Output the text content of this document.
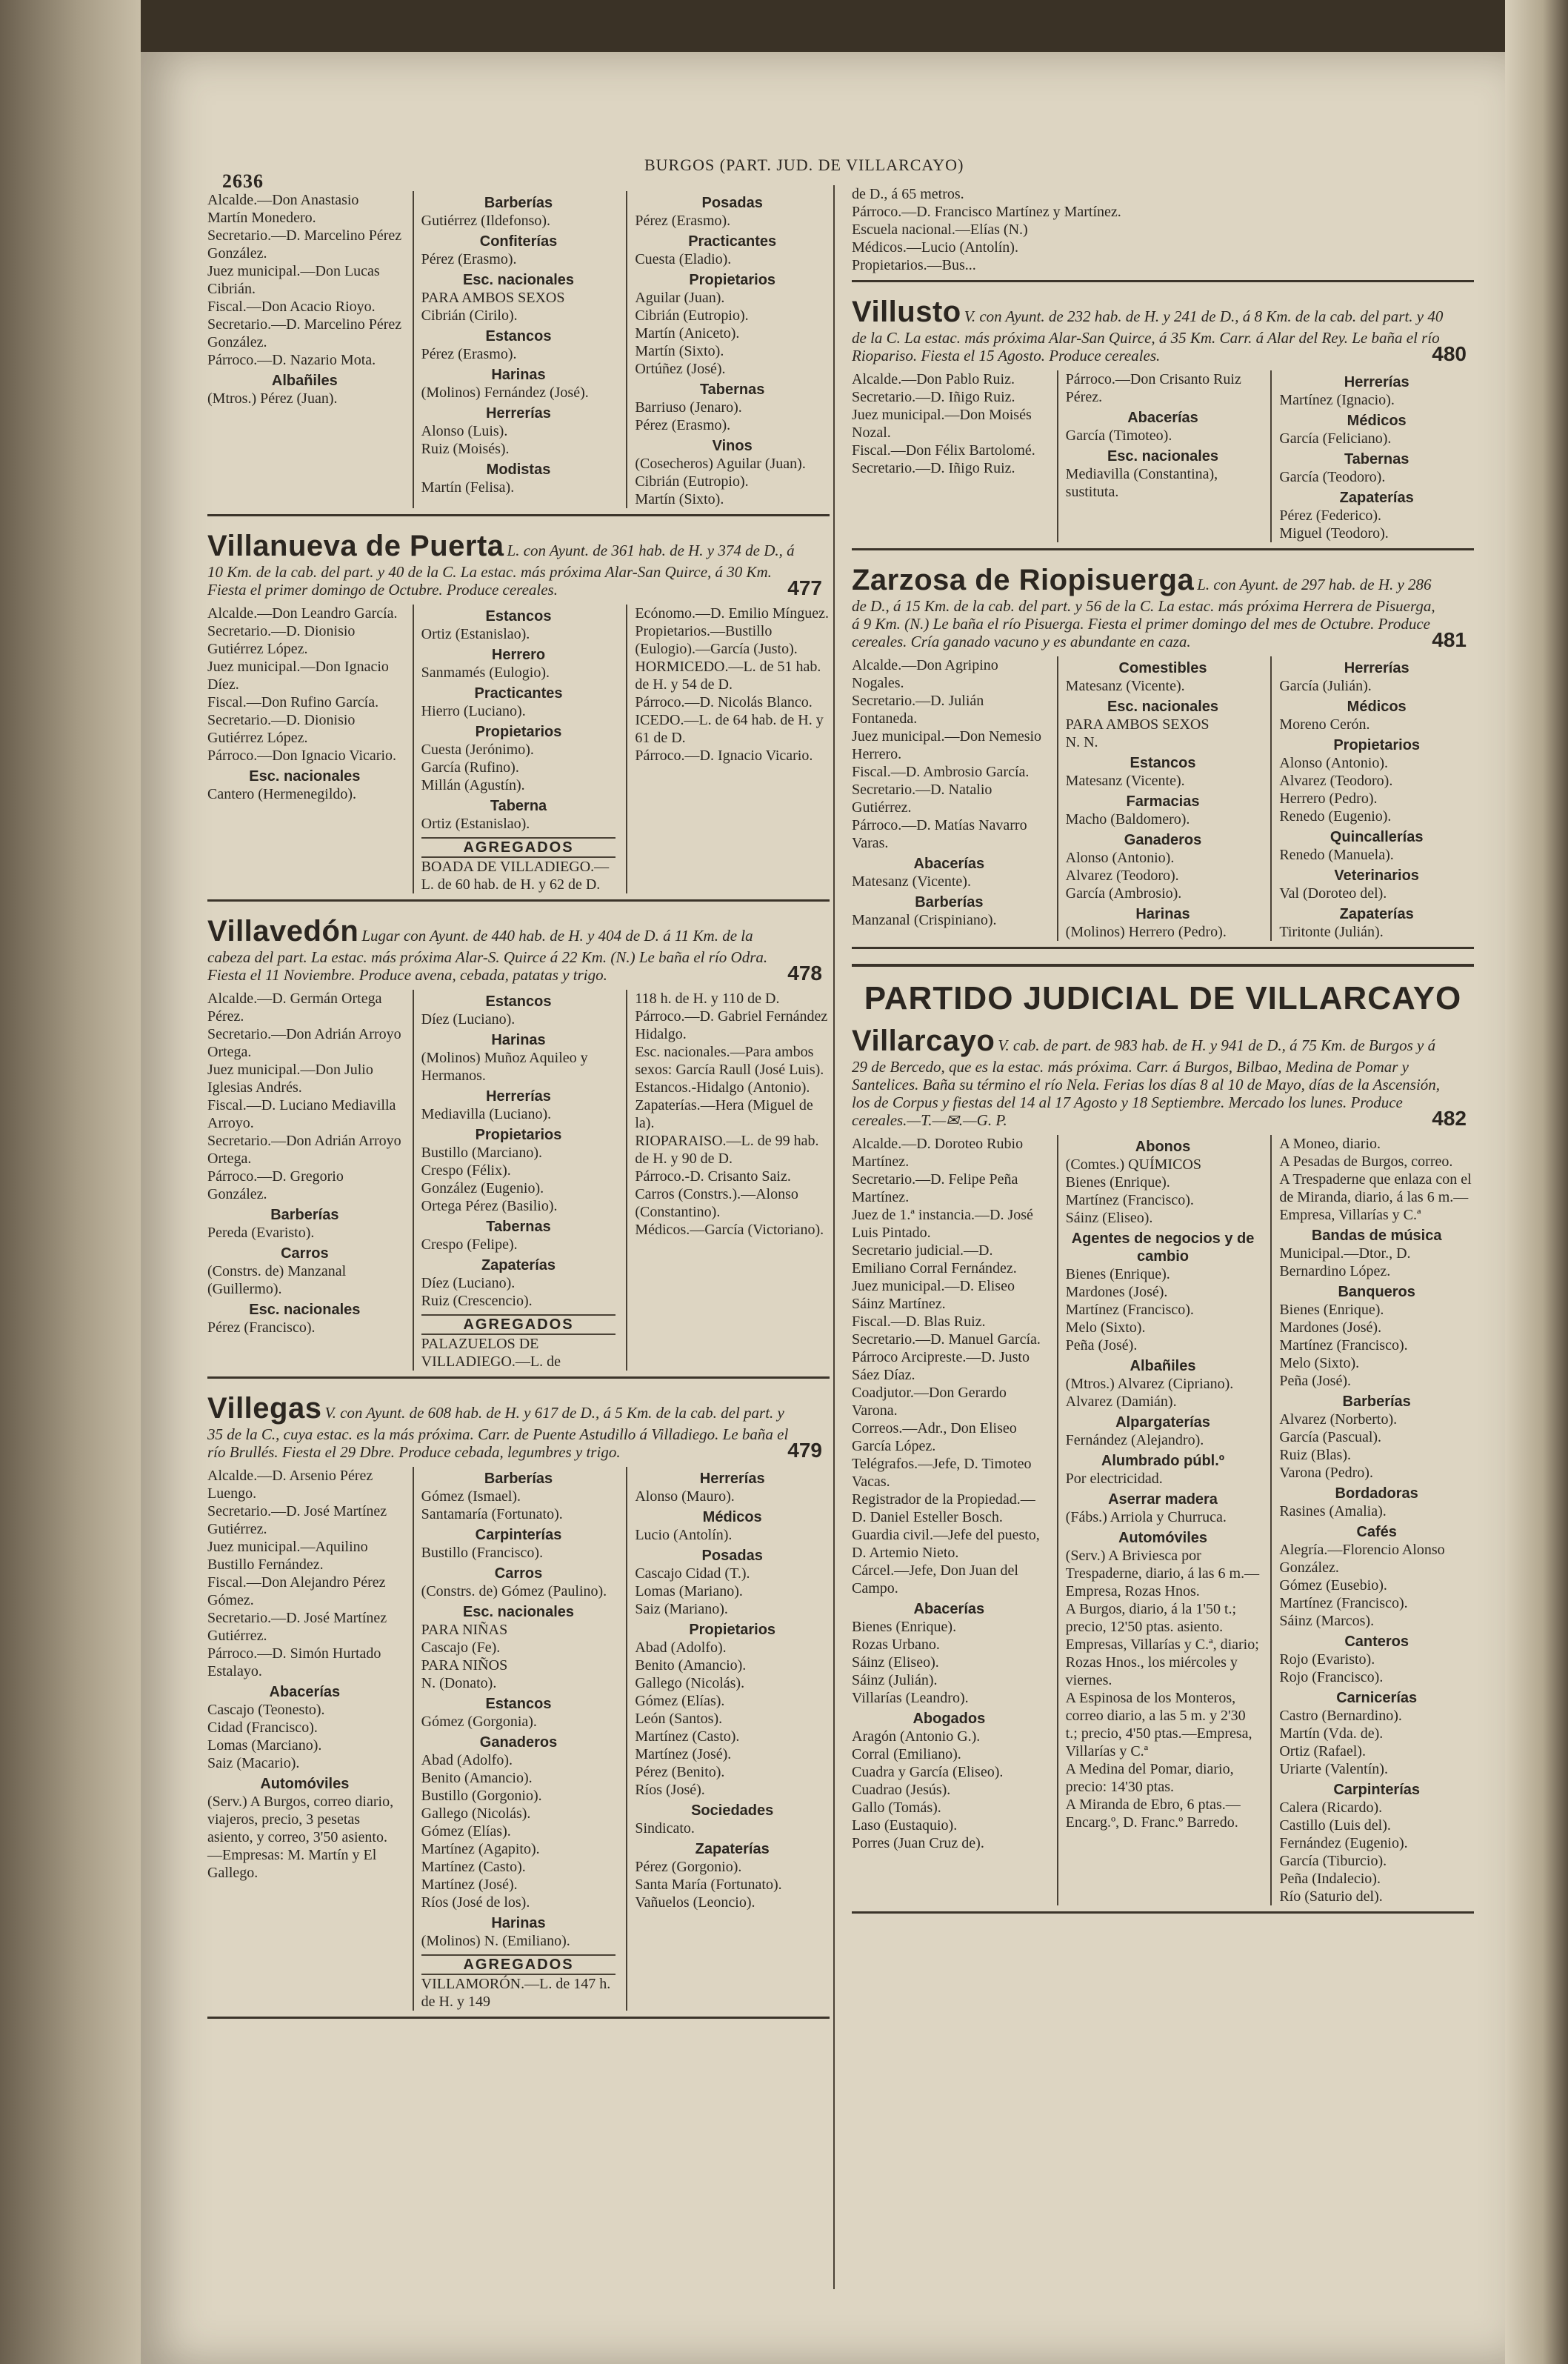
2636
BURGOS (PART. JUD. DE VILLARCAYO)

Alcalde.—Don Anastasio Martín Monedero.

Secretario.—D. Marcelino Pérez González.

Juez municipal.—Don Lucas Cibrián.

Fiscal.—Don Acacio Rioyo.

Secretario.—D. Marcelino Pérez González.

Párroco.—D. Nazario Mota.

Albañiles

(Mtros.) Pérez (Juan).

Barberías

Gutiérrez (Ildefonso).

Confiterías

Pérez (Erasmo).

Esc. nacionales

PARA AMBOS SEXOS

Cibrián (Cirilo).

Estancos

Pérez (Erasmo).

Harinas

(Molinos) Fernández (José).

Herrerías

Alonso (Luis).

Ruiz (Moisés).

Modistas

Martín (Felisa).

Posadas

Pérez (Erasmo).

Practicantes

Cuesta (Eladio).

Propietarios

Aguilar (Juan).

Cibrián (Eutropio).

Martín (Aniceto).

Martín (Sixto).

Ortúñez (José).

Tabernas

Barriuso (Jenaro).

Pérez (Erasmo).

Vinos

(Cosecheros) Aguilar (Juan).

Cibrián (Eutropio).

Martín (Sixto).

Villanueva de Puerta L. con Ayunt. de 361 hab. de H. y 374 de D., á 10 Km. de la cab. del part. y 40 de la C. La estac. más próxima Alar-San Quirce, á 30 Km. Fiesta el primer domingo de Octubre. Produce cereales.	477

Alcalde.—Don Leandro García.

Secretario.—D. Dionisio Gutiérrez López.

Juez municipal.—Don Ignacio Díez.

Fiscal.—Don Rufino García.

Secretario.—D. Dionisio Gutiérrez López.

Párroco.—Don Ignacio Vicario.

Esc. nacionales

Cantero (Hermenegildo).

Estancos

Ortiz (Estanislao).

Herrero

Sanmamés (Eulogio).

Practicantes

Hierro (Luciano).

Propietarios

Cuesta (Jerónimo).

García (Rufino).

Millán (Agustín).

Taberna

Ortiz (Estanislao).

AGREGADOS

BOADA DE VILLADIEGO.—L. de 60 hab. de H. y 62 de D.

Ecónomo.—D. Emilio Mínguez.

Propietarios.—Bustillo (Eulogio).—García (Justo).

HORMICEDO.—L. de 51 hab. de H. y 54 de D.

Párroco.—D. Nicolás Blanco.

ICEDO.—L. de 64 hab. de H. y 61 de D.

Párroco.—D. Ignacio Vicario.

Villavedón Lugar con Ayunt. de 440 hab. de H. y 404 de D. á 11 Km. de la cabeza del part. La estac. más próxima Alar-S. Quirce á 22 Km. (N.) Le baña el río Odra. Fiesta el 11 Noviembre. Produce avena, cebada, patatas y trigo.	478

Alcalde.—D. Germán Ortega Pérez.

Secretario.—Don Adrián Arroyo Ortega.

Juez municipal.—Don Julio Iglesias Andrés.

Fiscal.—D. Luciano Mediavilla Arroyo.

Secretario.—Don Adrián Arroyo Ortega.

Párroco.—D. Gregorio González.

Barberías

Pereda (Evaristo).

Carros

(Constrs. de) Manzanal (Guillermo).

Esc. nacionales

Pérez (Francisco).

Estancos

Díez (Luciano).

Harinas

(Molinos) Muñoz Aquileo y Hermanos.

Herrerías

Mediavilla (Luciano).

Propietarios

Bustillo (Marciano).

Crespo (Félix).

González (Eugenio).

Ortega Pérez (Basilio).

Tabernas

Crespo (Felipe).

Zapaterías

Díez (Luciano).

Ruiz (Crescencio).

AGREGADOS

PALAZUELOS DE VILLADIEGO.—L. de

118 h. de H. y 110 de D.

Párroco.—D. Gabriel Fernández Hidalgo.

Esc. nacionales.—Para ambos sexos: García Raull (José Luis).

Estancos.-Hidalgo (Antonio).

Zapaterías.—Hera (Miguel de la).

RIOPARAISO.—L. de 99 hab. de H. y 90 de D.

Párroco.-D. Crisanto Saiz.

Carros (Constrs.).—Alonso (Constantino).

Médicos.—García (Victoriano).

Villegas V. con Ayunt. de 608 hab. de H. y 617 de D., á 5 Km. de la cab. del part. y 35 de la C., cuya estac. es la más próxima. Carr. de Puente Astudillo á Villadiego. Le baña el río Brullés. Fiesta el 29 Dbre. Produce cebada, legumbres y trigo.	479

Alcalde.—D. Arsenio Pérez Luengo.

Secretario.—D. José Martínez Gutiérrez.

Juez municipal.—Aquilino Bustillo Fernández.

Fiscal.—Don Alejandro Pérez Gómez.

Secretario.—D. José Martínez Gutiérrez.

Párroco.—D. Simón Hurtado Estalayo.

Abacerías

Cascajo (Teonesto).

Cidad (Francisco).

Lomas (Marciano).

Saiz (Macario).

Automóviles

(Serv.) A Burgos, correo diario, viajeros, precio, 3 pesetas asiento, y correo, 3'50 asiento.—Empresas: M. Martín y El Gallego.

Barberías

Gómez (Ismael).

Santamaría (Fortunato).

Carpinterías

Bustillo (Francisco).

Carros

(Constrs. de) Gómez (Paulino).

Esc. nacionales

PARA NIÑAS

Cascajo (Fe).

PARA NIÑOS

N. (Donato).

Estancos

Gómez (Gorgonia).

Ganaderos

Abad (Adolfo).

Benito (Amancio).

Bustillo (Gorgonio).

Gallego (Nicolás).

Gómez (Elías).

Martínez (Agapito).

Martínez (Casto).

Martínez (José).

Ríos (José de los).

Harinas

(Molinos) N. (Emiliano).

AGREGADOS

VILLAMORÓN.—L. de 147 h. de H. y 149

Herrerías

Alonso (Mauro).

Médicos

Lucio (Antolín).

Posadas

Cascajo Cidad (T.).

Lomas (Mariano).

Saiz (Mariano).

Propietarios

Abad (Adolfo).

Benito (Amancio).

Gallego (Nicolás).

Gómez (Elías).

León (Santos).

Martínez (Casto).

Martínez (José).

Pérez (Benito).

Ríos (José).

Sociedades

Sindicato.

Zapaterías

Pérez (Gorgonio).

Santa María (Fortunato).

Vañuelos (Leoncio).

de D., á 65 metros.

Párroco.—D. Francisco Martínez y Martínez.

Escuela nacional.—Elías (N.)

Médicos.—Lucio (Antolín).

Propietarios.—Bus...

Villusto V. con Ayunt. de 232 hab. de H. y 241 de D., á 8 Km. de la cab. del part. y 40 de la C. La estac. más próxima Alar-San Quirce, á 35 Km. Carr. á Alar del Rey. Le baña el río Riopariso. Fiesta el 15 Agosto. Produce cereales.	480

Alcalde.—Don Pablo Ruiz.

Secretario.—D. Iñigo Ruiz.

Juez municipal.—Don Moisés Nozal.

Fiscal.—Don Félix Bartolomé.

Secretario.—D. Iñigo Ruiz.

Párroco.—Don Crisanto Ruiz Pérez.

Abacerías

García (Timoteo).

Esc. nacionales

Mediavilla (Constantina), sustituta.

Herrerías

Martínez (Ignacio).

Médicos

García (Feliciano).

Tabernas

García (Teodoro).

Zapaterías

Pérez (Federico).

Miguel (Teodoro).

Zarzosa de Riopisuerga L. con Ayunt. de 297 hab. de H. y 286 de D., á 15 Km. de la cab. del part. y 56 de la C. La estac. más próxima Herrera de Pisuerga, á 9 Km. (N.) Le baña el río Pisuerga. Fiesta el primer domingo del mes de Octubre. Produce cereales. Cría ganado vacuno y es abundante en caza.	481

Alcalde.—Don Agripino Nogales.

Secretario.—D. Julián Fontaneda.

Juez municipal.—Don Nemesio Herrero.

Fiscal.—D. Ambrosio García.

Secretario.—D. Natalio Gutiérrez.

Párroco.—D. Matías Navarro Varas.

Abacerías

Matesanz (Vicente).

Barberías

Manzanal (Crispiniano).

Comestibles

Matesanz (Vicente).

Esc. nacionales

PARA AMBOS SEXOS

N. N.

Estancos

Matesanz (Vicente).

Farmacias

Macho (Baldomero).

Ganaderos

Alonso (Antonio).

Alvarez (Teodoro).

García (Ambrosio).

Harinas

(Molinos) Herrero (Pedro).

Herrerías

García (Julián).

Médicos

Moreno Cerón.

Propietarios

Alonso (Antonio).

Alvarez (Teodoro).

Herrero (Pedro).

Renedo (Eugenio).

Quincallerías

Renedo (Manuela).

Veterinarios

Val (Doroteo del).

Zapaterías

Tiritonte (Julián).

PARTIDO JUDICIAL DE VILLARCAYO
Villarcayo V. cab. de part. de 983 hab. de H. y 941 de D., á 75 Km. de Burgos y á 29 de Bercedo, que es la estac. más próxima. Carr. á Burgos, Bilbao, Medina de Pomar y Santelices. Baña su término el río Nela. Ferias los días 8 al 10 de Mayo, días de la Ascensión, los de Corpus y fiestas del 14 al 17 Agosto y 18 Septiembre. Mercado los lunes. Produce cereales.—T.—✉.—G. P.	482

Alcalde.—D. Doroteo Rubio Martínez.

Secretario.—D. Felipe Peña Martínez.

Juez de 1.ª instancia.—D. José Luis Pintado.

Secretario judicial.—D. Emiliano Corral Fernández.

Juez municipal.—D. Eliseo Sáinz Martínez.

Fiscal.—D. Blas Ruiz.

Secretario.—D. Manuel García.

Párroco Arcipreste.—D. Justo Sáez Díaz.

Coadjutor.—Don Gerardo Varona.

Correos.—Adr., Don Eliseo García López.

Telégrafos.—Jefe, D. Timoteo Vacas.

Registrador de la Propiedad.—D. Daniel Esteller Bosch.

Guardia civil.—Jefe del puesto, D. Artemio Nieto.

Cárcel.—Jefe, Don Juan del Campo.

Abacerías

Bienes (Enrique).

Rozas Urbano.

Sáinz (Eliseo).

Sáinz (Julián).

Villarías (Leandro).

Abogados

Aragón (Antonio G.).

Corral (Emiliano).

Cuadra y García (Eliseo).

Cuadrao (Jesús).

Gallo (Tomás).

Laso (Eustaquio).

Porres (Juan Cruz de).

Abonos

(Comtes.) QUÍMICOS

Bienes (Enrique).

Martínez (Francisco).

Sáinz (Eliseo).

Agentes de negocios y de cambio

Bienes (Enrique).

Mardones (José).

Martínez (Francisco).

Melo (Sixto).

Peña (José).

Albañiles

(Mtros.) Alvarez (Cipriano).

Alvarez (Damián).

Alpargaterías

Fernández (Alejandro).

Alumbrado públ.º

Por electricidad.

Aserrar madera

(Fábs.) Arriola y Churruca.

Automóviles

(Serv.) A Briviesca por Trespaderne, diario, á las 6 m.—Empresa, Rozas Hnos.

A Burgos, diario, á la 1'50 t.; precio, 12'50 ptas. asiento. Empresas, Villarías y C.ª, diario; Rozas Hnos., los miércoles y viernes.

A Espinosa de los Monteros, correo diario, a las 5 m. y 2'30 t.; precio, 4'50 ptas.—Empresa, Villarías y C.ª

A Medina del Pomar, diario, precio: 14'30 ptas.

A Miranda de Ebro, 6 ptas.—Encarg.º, D. Franc.º Barredo.

A Moneo, diario.

A Pesadas de Burgos, correo.

A Trespaderne que enlaza con el de Miranda, diario, á las 6 m.—Empresa, Villarías y C.ª

Bandas de música

Municipal.—Dtor., D. Bernardino López.

Banqueros

Bienes (Enrique).

Mardones (José).

Martínez (Francisco).

Melo (Sixto).

Peña (José).

Barberías

Alvarez (Norberto).

García (Pascual).

Ruiz (Blas).

Varona (Pedro).

Bordadoras

Rasines (Amalia).

Cafés

Alegría.—Florencio Alonso González.

Gómez (Eusebio).

Martínez (Francisco).

Sáinz (Marcos).

Canteros

Rojo (Evaristo).

Rojo (Francisco).

Carnicerías

Castro (Bernardino).

Martín (Vda. de).

Ortiz (Rafael).

Uriarte (Valentín).

Carpinterías

Calera (Ricardo).

Castillo (Luis del).

Fernández (Eugenio).

García (Tiburcio).

Peña (Indalecio).

Río (Saturio del).
